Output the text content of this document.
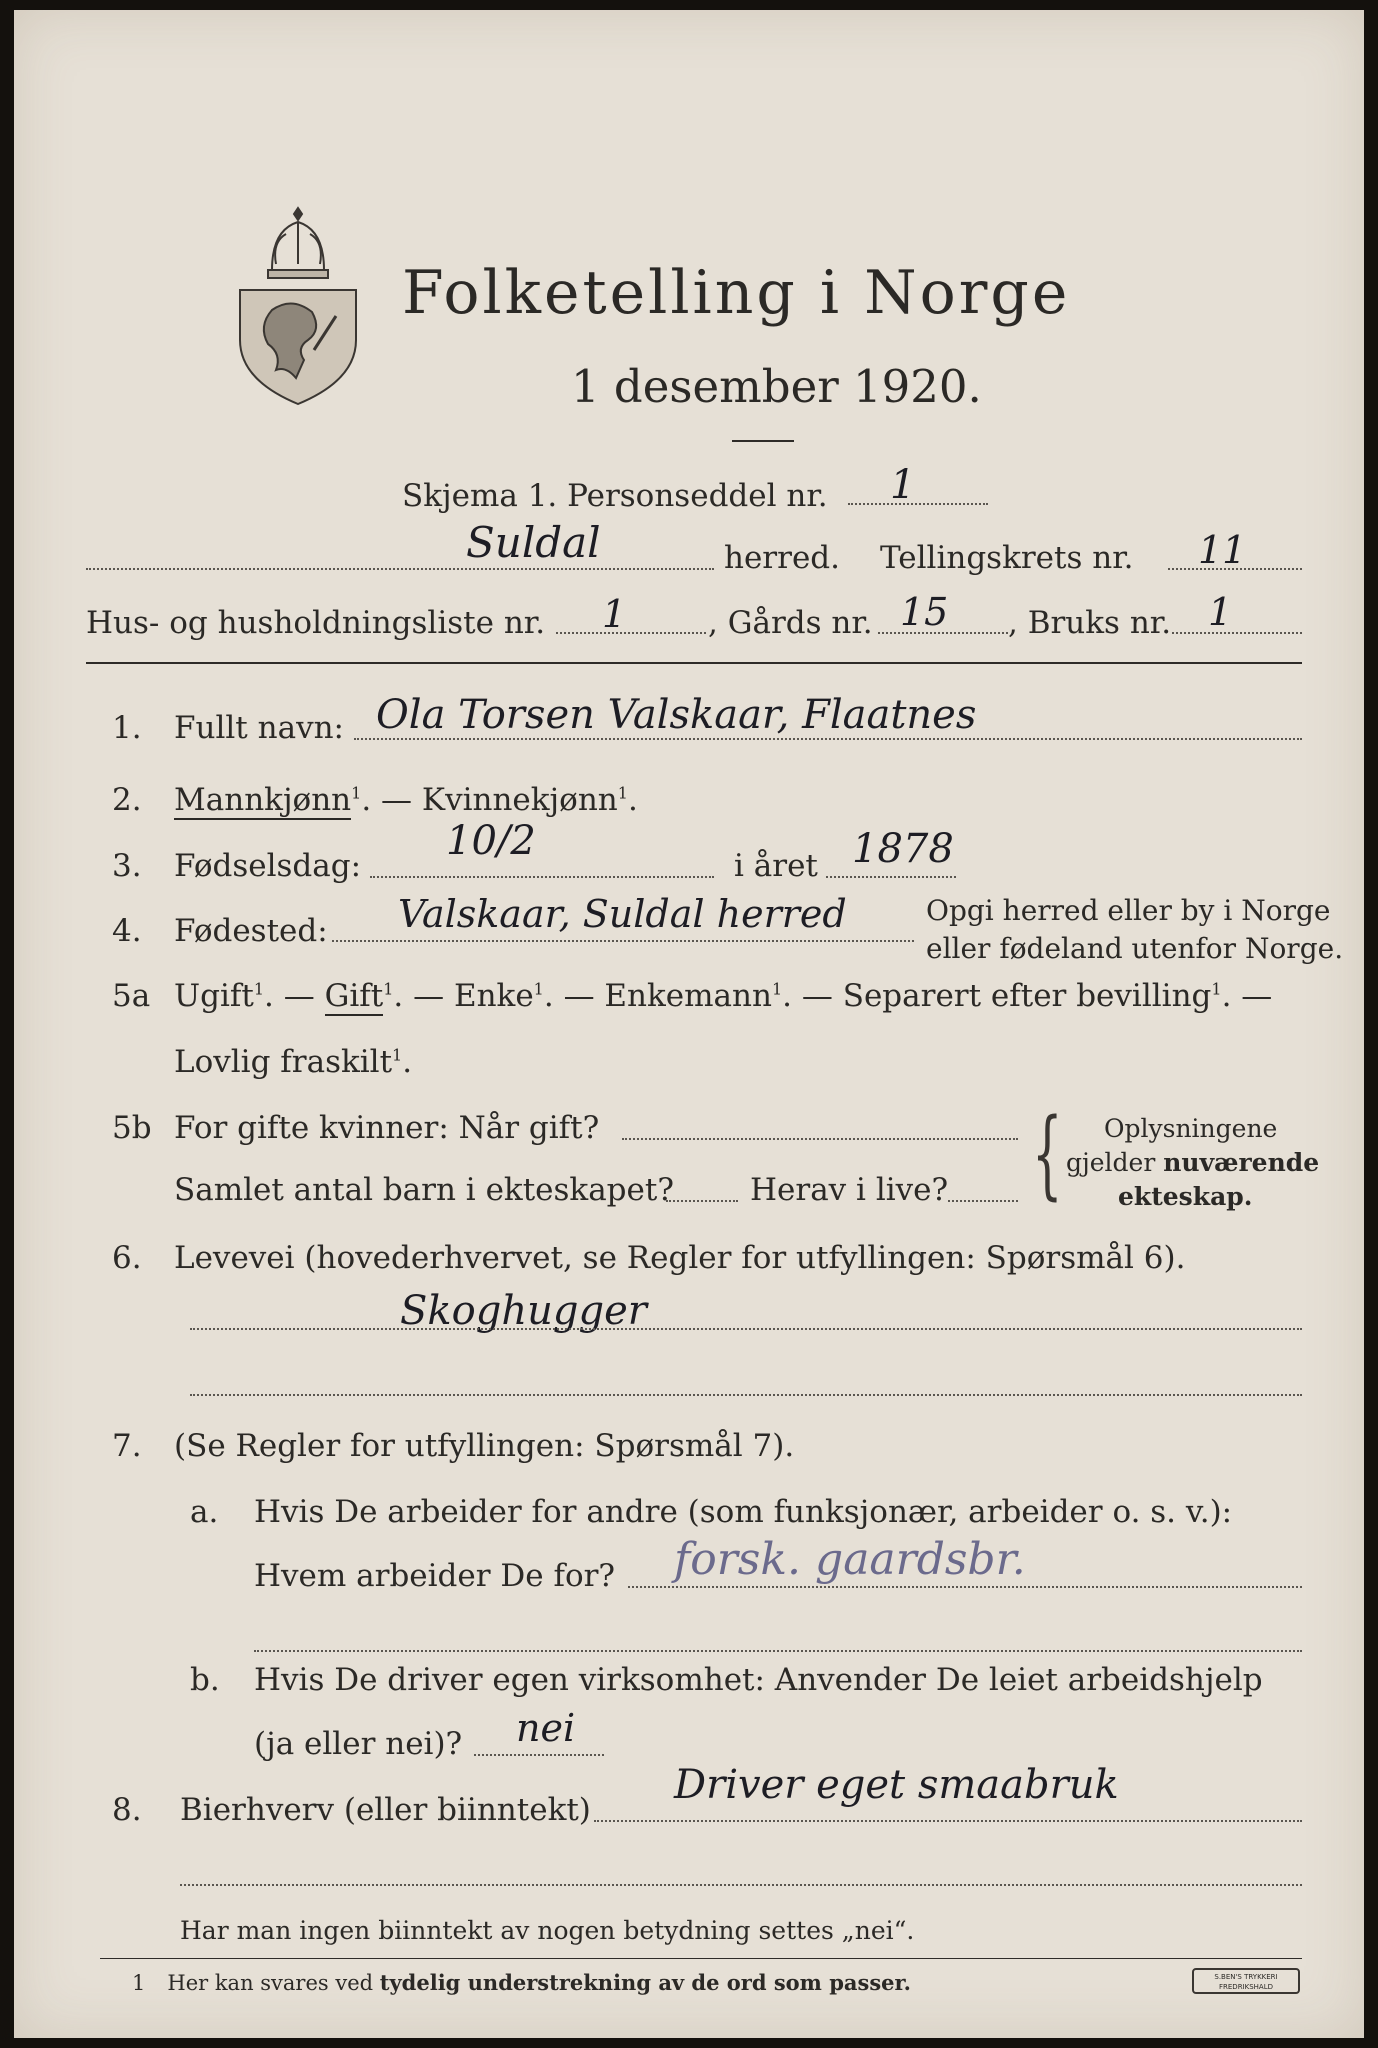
Folketelling i Norge
1 desember 1920.
Skjema 1. Personseddel nr. 1
Suldal	herred. Tellingskrets nr. 11
Hus- og husholdningsliste nr. 1	, Gårds nr. 15 , Bruks nr. 1
1. Fullt navn: Ola Torsen Valskaar, Flaatnes
2. Mannkjønn$^1$. — Kvinnekjønn$^1$.
3. Fødselsdag:
10/2
i året 1878
4. Fødested: Valskaar, Suldal herred	Opgi herred eller by i Norge
eller fødeland utenfor Norge.
5a Ugift$^1$. — Gift$^1$. — Enke$^1$. — Enkemann$^1$. — Separert efter bevilling$^1$. —
Lovlig fraskilt$^1$.
5b For gifte kvinner: Når gift?
Samlet antal barn i ekteskapet? Herav i live? { Oplysningene
gjelder nuværende
ekteskap.
6. Levevei (hovederhvervet, se Regler for utfyllingen: Spørsmål 6).
Skoghugger
7. (Se Regler for utfyllingen: Spørsmål 7).
a. Hvis De arbeider for andre (som funksjonær, arbeider o. s. v.):
Hvem arbeider De for? forsk. gaardsbr.
b. Hvis De driver egen virksomhet: Anvender De leiet arbeidshjelp
(ja eller nei)? nei
8. Bierhverv (eller biinntekt)
Driver eget smaabruk
Har man ingen biinntekt av nogen betydning settes „nei“.
1 Her kan svares ved tydelig understrekning av de ord som passer.	S.BEN'S TRYKKERI
FREDRIKSHALD
